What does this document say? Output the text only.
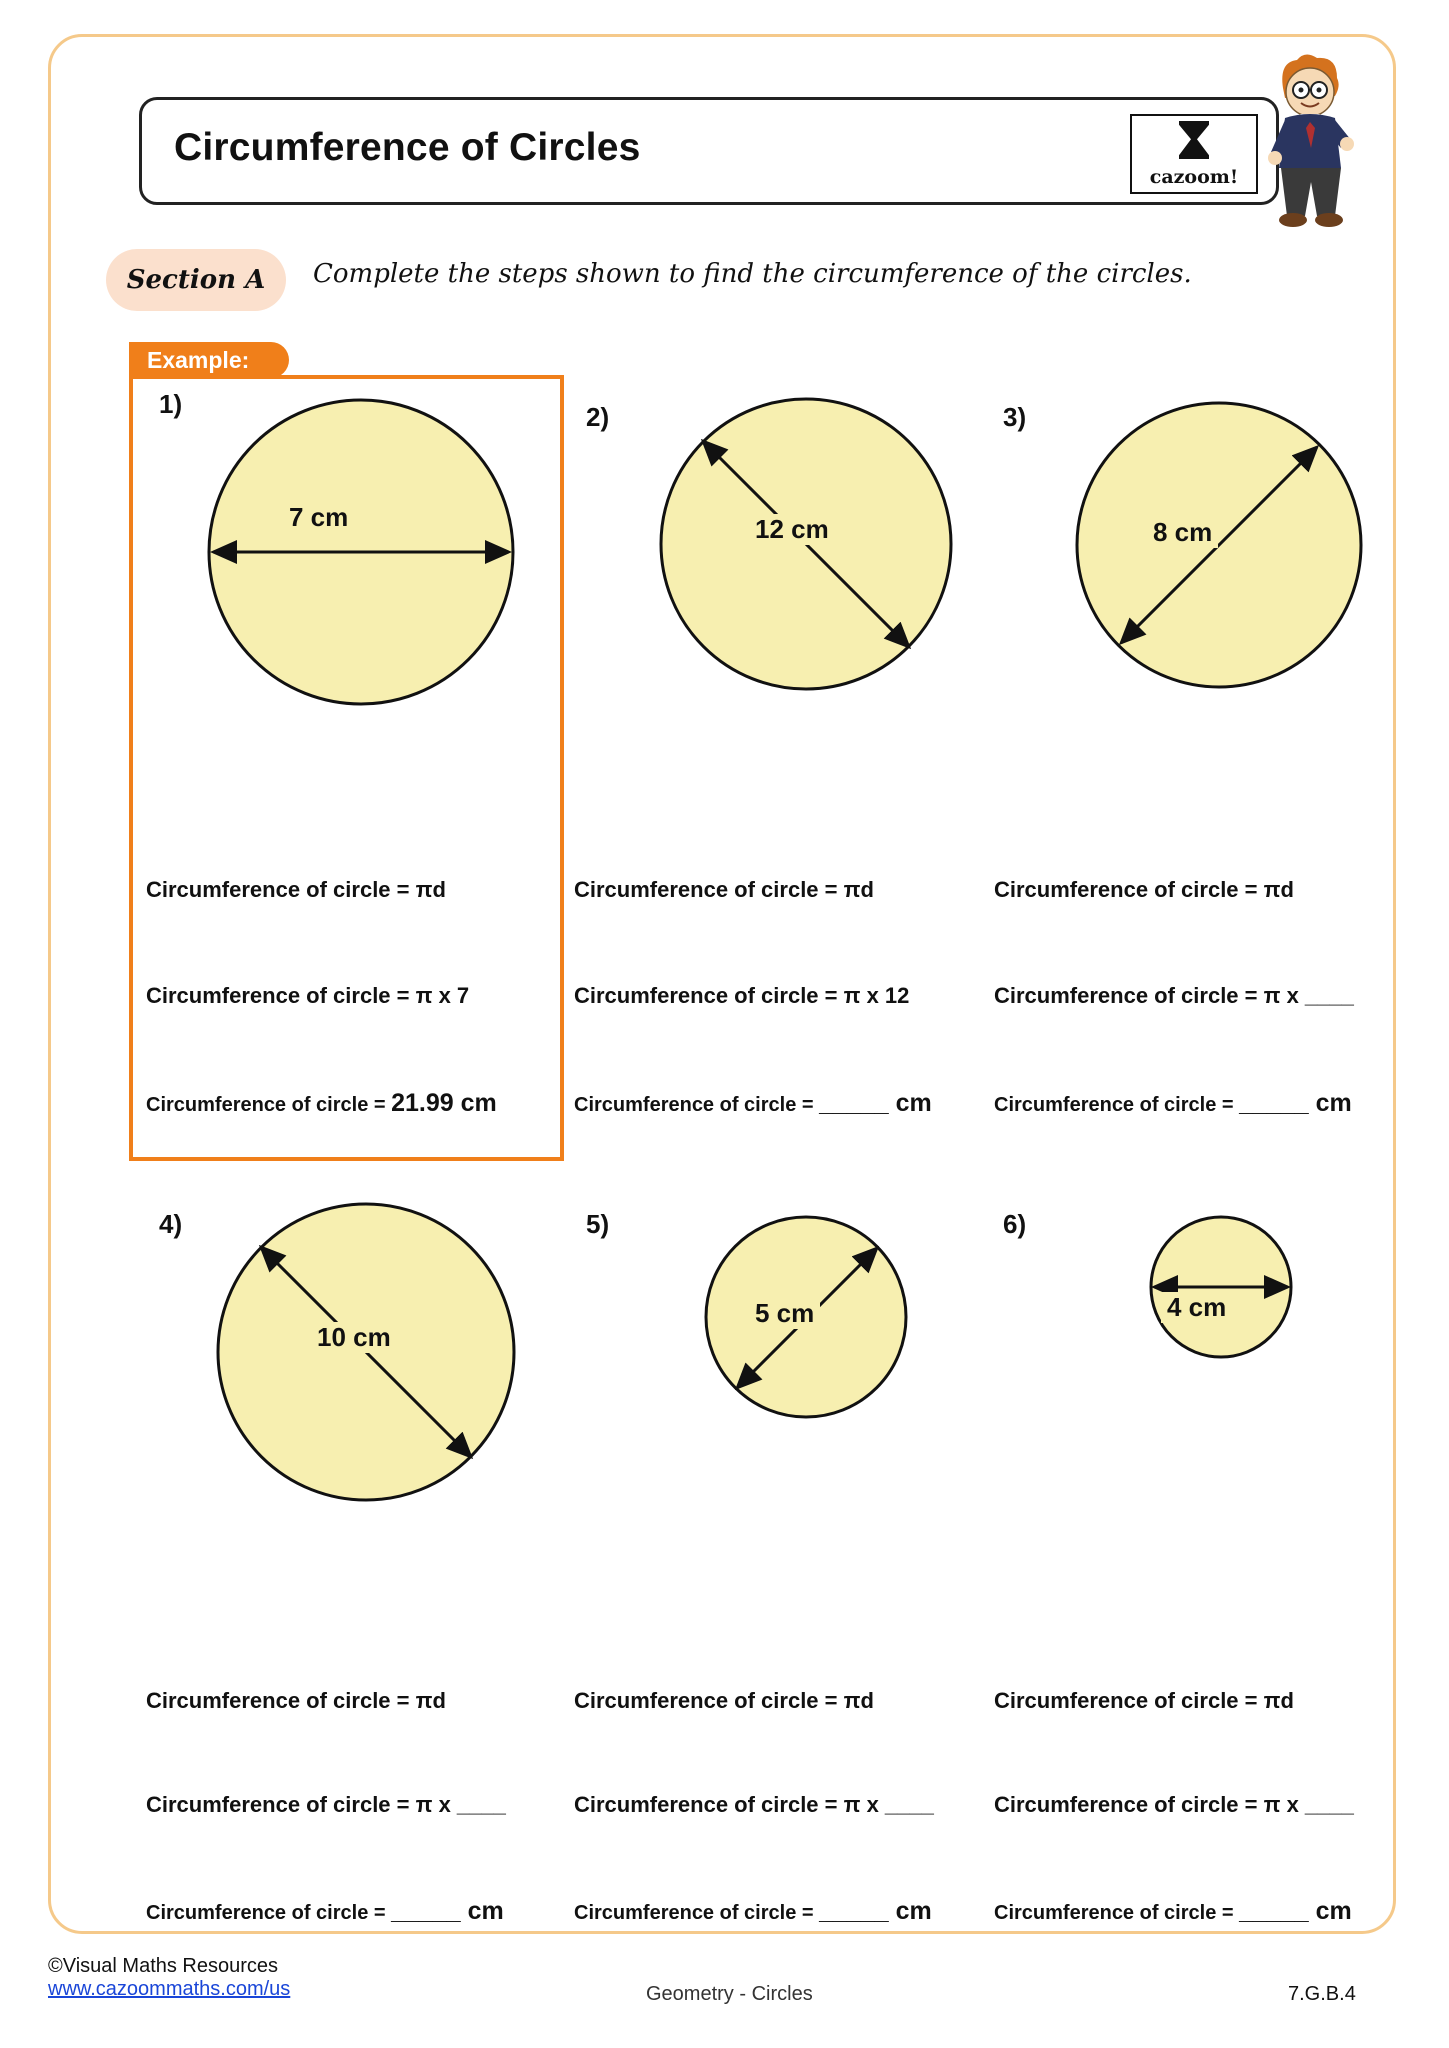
Circumference of Circles
cazoom!
Section A	Complete the steps shown to find the circumference of the circles.
Example:
1)
7 cm
Circumference of circle = πd
Circumference of circle = π x 7
Circumference of circle = 21.99 cm
2)
12 cm
Circumference of circle = πd
Circumference of circle = π x 12
Circumference of circle = _____ cm
3)
8 cm
Circumference of circle = πd
Circumference of circle = π x ____
Circumference of circle = _____ cm
4)
10 cm
Circumference of circle = πd
Circumference of circle = π x ____
Circumference of circle = _____ cm
5)
5 cm
Circumference of circle = πd
Circumference of circle = π x ____
Circumference of circle = _____ cm
6)
4 cm
Circumference of circle = πd
Circumference of circle = π x ____
Circumference of circle = _____ cm
©Visual Maths Resources
www.cazoommaths.com/us	Geometry - Circles	7.G.B.4
